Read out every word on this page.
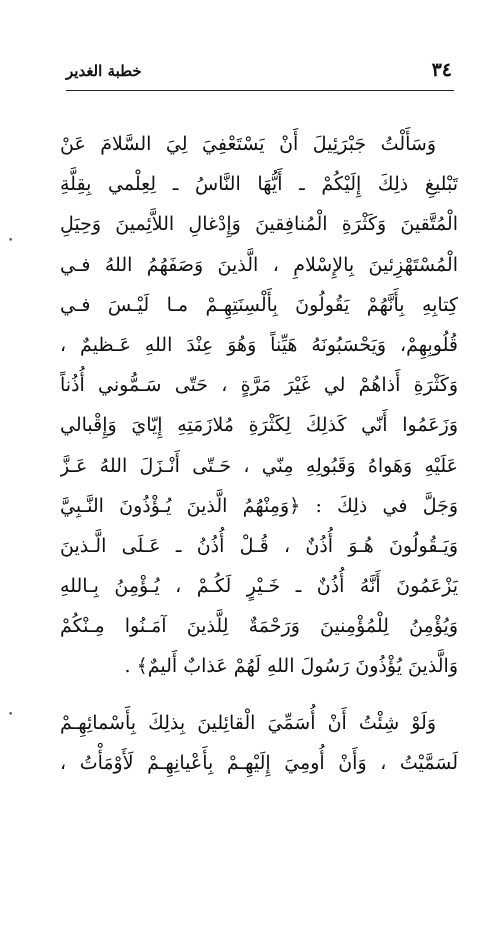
خطبة الغدير	٣٤
وَسَأَلْتُ جَبْرَئِيلَ أَنْ يَسْتَعْفِيَ لِيَ السَّلامَ عَنْ
تَبْليغِ ذلِكَ إِلَيْكُمْ ـ أَيُّهَا النَّاسُ ـ لِعِلْمي بِقِلَّةِ
الْمُتَّقينَ وَكَثْرَةِ الْمُنافِقينَ وَإِدْغالِ اللاَّئِمينَ وَحِيَلِ
الْمُسْتَهْزِئينَ بِالإِسْلامِ ، الَّذينَ وَصَفَهُمُ اللهُ فـي
كِتابِهِ بِأَنَّهُمْ يَقُولُونَ بِأَلْسِنَتِهِـمْ مـا لَيْـسَ فـي
قُلُوبِهِمْ، وَيَحْسَبُونَهُ هَيِّناً وَهُوَ عِنْدَ اللهِ عَـظيمٌ ،
وَكَثْرَةِ أَذاهُمْ لي غَيْرَ مَرَّةٍ ، حَتّى سَـمُّوني أُذُناً
وَزَعَمُوا أَنّي كَذلِكَ لِكَثْرَةِ مُلازَمَتِهِ إِيّايَ وَإِقْبالي
عَلَيْهِ وَهَواهُ وَقَبُولِهِ مِنّي ، حَـتّى أَنْـزَلَ اللهُ عَـزَّ
وَجَلَّ في ذلِكَ : ﴿وَمِنْهُمُ الَّذينَ يُـؤْذُونَ النَّـبِيَّ
وَيَـقُولُونَ هُـوَ أُذُنٌ ، قُـلْ أُذُنُ ـ عَـلَى الَّـذينَ
يَزْعَمُونَ أَنَّهُ أُذُنٌ ـ خَـيْرٍ لَكُـمْ ، يُـؤْمِنُ بِـاللهِ
وَيُؤْمِنُ لِلْمُؤْمِنينَ وَرَحْمَةٌ لِلَّذينَ آمَـنُوا مِـنْكُمْ
وَالَّذينَ يُؤْذُونَ رَسُولَ اللهِ لَهُمْ عَذابٌ أَليمٌ﴾ .
وَلَوْ شِئْتُ أَنْ أُسَمِّيَ الْقائِلينَ بِذلِكَ بِأَسْمائِهِـمْ
لَسَمَّيْتُ ، وَأَنْ أُومِيَ إِلَيْهِـمْ بِأَعْيانِهِـمْ لَأَوْمَأْتُ ،
•
•
